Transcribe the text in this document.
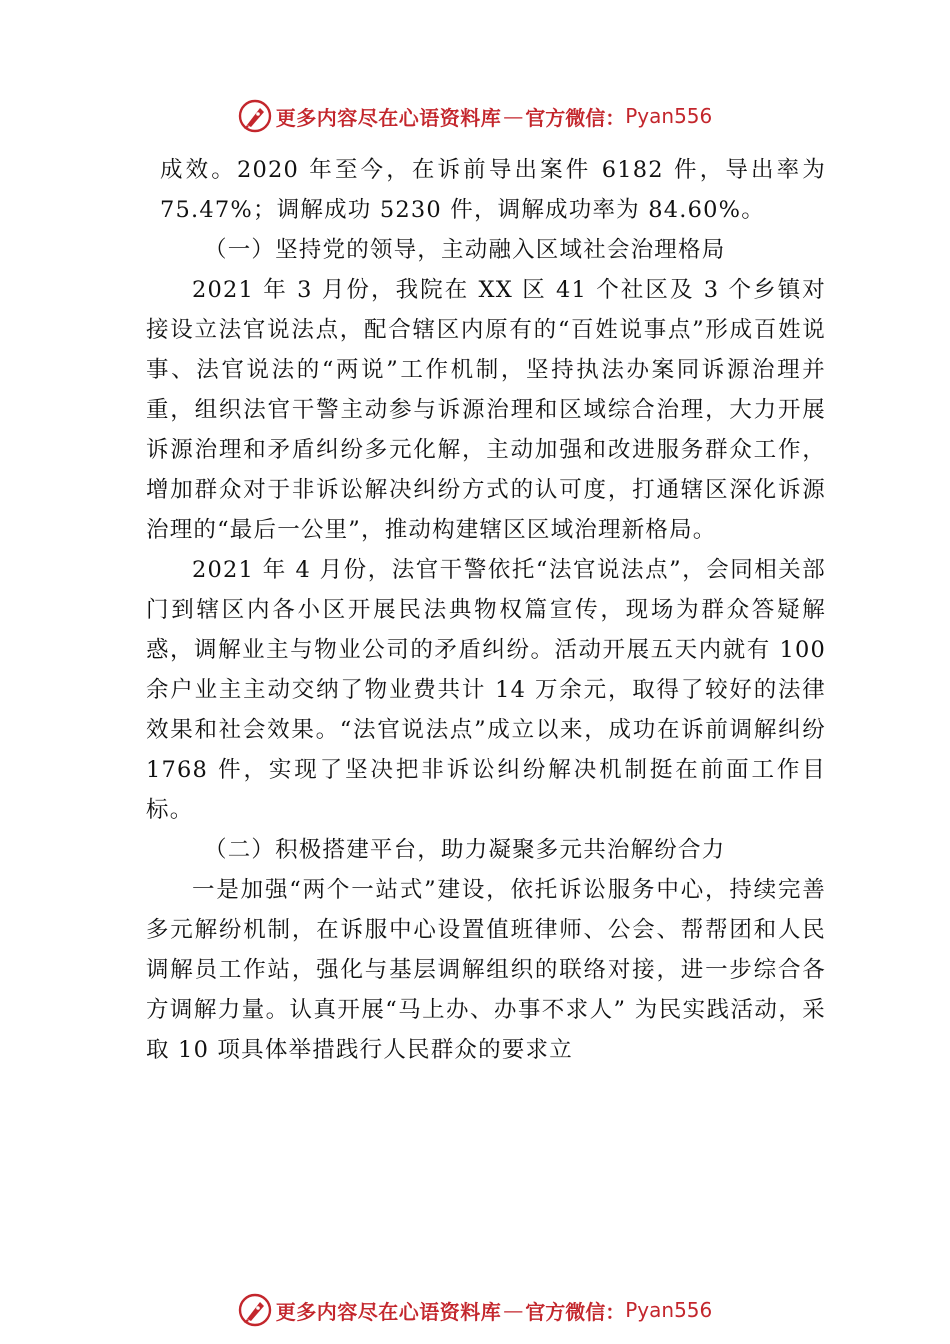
更多内容尽在心语资料库 — 官方微信： Pyan556

成效。2020 年至今，在诉前导出案件 6182 件，导出率为 75.47%；调解成功 5230 件，调解成功率为 84.60%。

（一）坚持党的领导，主动融入区域社会治理格局

2021 年 3 月份，我院在 XX 区 41 个社区及 3 个乡镇对接设立法官说法点，配合辖区内原有的“百姓说事点”形成百姓说事、法官说法的“两说”工作机制，坚持执法办案同诉源治理并重，组织法官干警主动参与诉源治理和区域综合治理，大力开展诉源治理和矛盾纠纷多元化解，主动加强和改进服务群众工作，增加群众对于非诉讼解决纠纷方式的认可度，打通辖区深化诉源治理的“最后一公里”，推动构建辖区区域治理新格局。

2021 年 4 月份，法官干警依托“法官说法点”，会同相关部门到辖区内各小区开展民法典物权篇宣传，现场为群众答疑解惑，调解业主与物业公司的矛盾纠纷。活动开展五天内就有 100 余户业主主动交纳了物业费共计 14 万余元，取得了较好的法律效果和社会效果。“法官说法点”成立以来，成功在诉前调解纠纷 1768 件，实现了坚决把非诉讼纠纷解决机制挺在前面工作目标。

（二）积极搭建平台，助力凝聚多元共治解纷合力

一是加强“两个一站式”建设，依托诉讼服务中心，持续完善多元解纷机制，在诉服中心设置值班律师、公会、帮帮团和人民调解员工作站，强化与基层调解组织的联络对接，进一步综合各方调解力量。认真开展“马上办、办事不求人” 为民实践活动，采取 10 项具体举措践行人民群众的要求立

更多内容尽在心语资料库 — 官方微信： Pyan556
